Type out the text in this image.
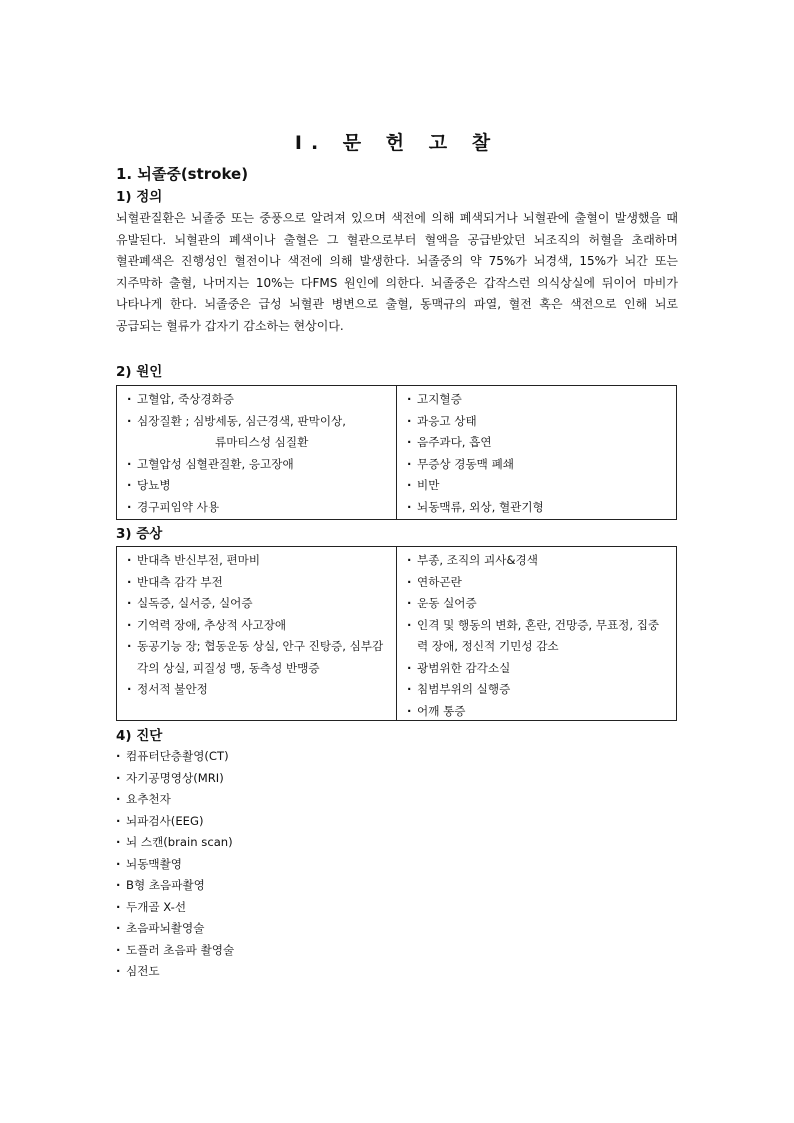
Ⅰ. 문 헌 고 찰
1. 뇌졸중(stroke)
1) 정의

뇌혈관질환은 뇌졸중 또는 중풍으로 알려져 있으며 색전에 의해 폐색되거나 뇌혈관에 출혈이 발생했을 때 유발된다. 뇌혈관의 폐색이나 출혈은 그 혈관으로부터 혈액을 공급받았던 뇌조직의 허혈을 초래하며 혈관폐색은 진행성인 혈전이나 색전에 의해 발생한다. 뇌졸중의 약 75%가 뇌경색, 15%가 뇌간 또는 지주막하 출혈, 나머지는 10%는 다FMS 원인에 의한다. 뇌졸중은 갑작스런 의식상실에 뒤이어 마비가 나타나게 한다. 뇌졸중은 급성 뇌혈관 병변으로 출혈, 동맥규의 파열, 혈전 혹은 색전으로 인해 뇌로 공급되는 혈류가 갑자기 감소하는 현상이다.

2) 원인
· 고혈압, 죽상경화증
· 심장질환 ; 심방세동, 심근경색, 판막이상,
류마티스성 심질환
· 고혈압성 심혈관질환, 응고장애
· 당뇨병
· 경구피임약 사용
· 고지혈증
· 과응고 상태
· 음주과다, 흡연
· 무증상 경동맥 폐쇄
· 비만
· 뇌동맥류, 외상, 혈관기형
3) 증상
· 반대측 반신부전, 편마비
· 반대측 감각 부전
· 실독증, 실서증, 실어증
· 기억력 장애, 추상적 사고장애
· 동공기능 장; 협동운동 상실, 안구 진탕증, 심부감각의 상실, 피질성 맹, 동측성 반맹증
· 정서적 불안정
· 부종, 조직의 괴사&경색
· 연하곤란
· 운동 실어증
· 인격 및 행동의 변화, 혼란, 건망증, 무표정, 집중력 장애, 정신적 기민성 감소
· 광범위한 감각소실
· 침범부위의 실행증
· 어깨 통증
4) 진단
· 컴퓨터단층촬영(CT)
· 자기공명영상(MRI)
· 요추천자
· 뇌파검사(EEG)
· 뇌 스캔(brain scan)
· 뇌동맥촬영
· B형 초음파촬영
· 두개골 X-선
· 초음파뇌촬영술
· 도플러 초음파 촬영술
· 심전도
